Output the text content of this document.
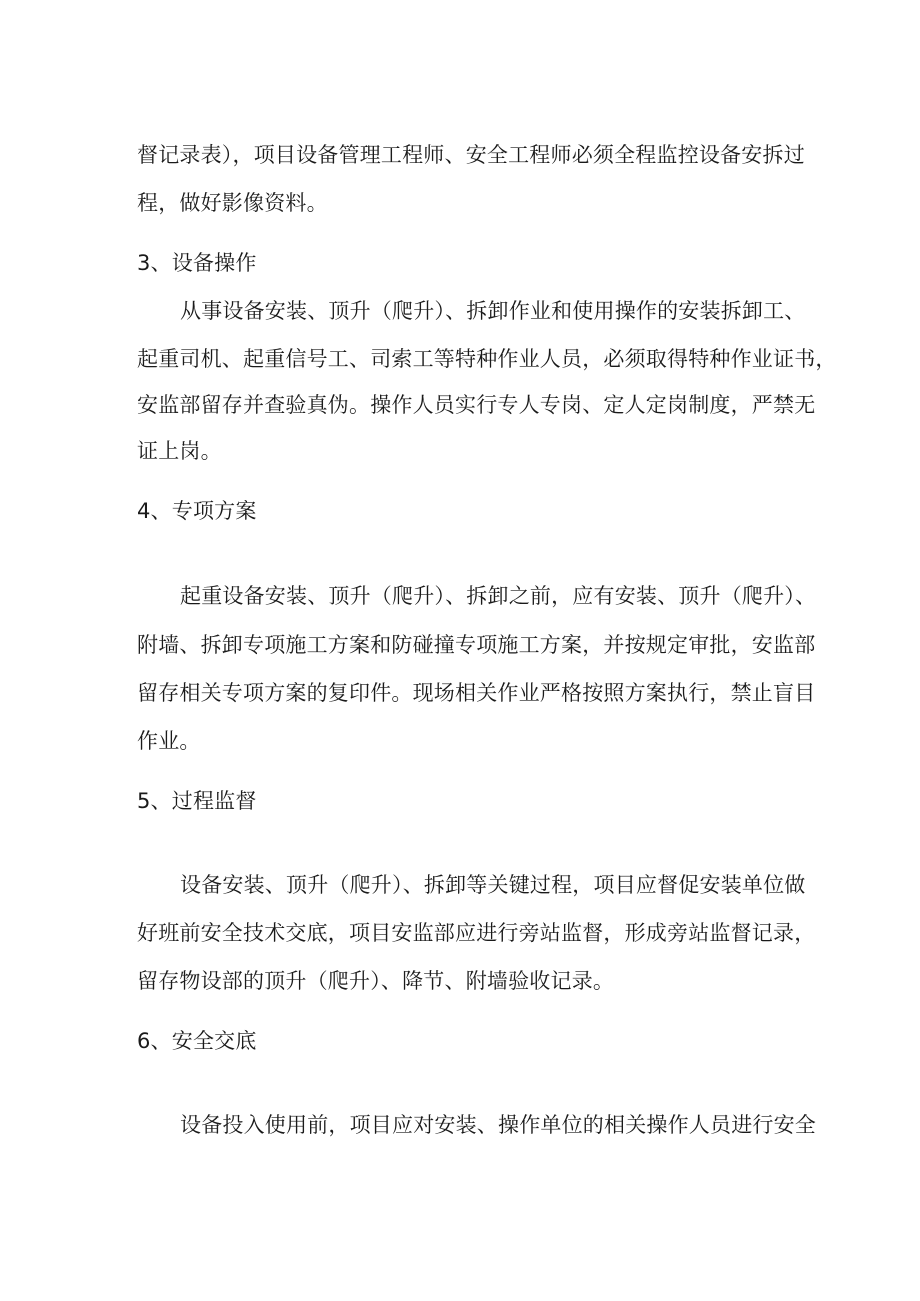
督记录表），项目设备管理工程师、安全工程师必须全程监控设备安拆过
程，做好影像资料。
3、设备操作
从事设备安装、顶升（爬升）、拆卸作业和使用操作的安装拆卸工、
起重司机、起重信号工、司索工等特种作业人员，必须取得特种作业证书，
安监部留存并查验真伪。操作人员实行专人专岗、定人定岗制度，严禁无
证上岗。
4、专项方案
起重设备安装、顶升（爬升）、拆卸之前，应有安装、顶升（爬升）、
附墙、拆卸专项施工方案和防碰撞专项施工方案，并按规定审批，安监部
留存相关专项方案的复印件。现场相关作业严格按照方案执行，禁止盲目
作业。
5、过程监督
设备安装、顶升（爬升）、拆卸等关键过程，项目应督促安装单位做
好班前安全技术交底，项目安监部应进行旁站监督，形成旁站监督记录，
留存物设部的顶升（爬升）、降节、附墙验收记录。
6、安全交底
设备投入使用前，项目应对安装、操作单位的相关操作人员进行安全
